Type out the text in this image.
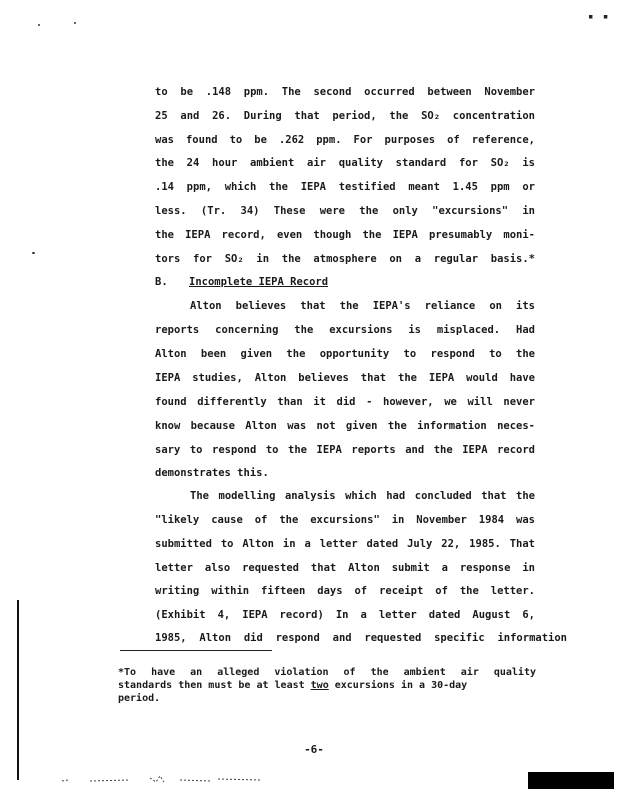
▪ ▪
to be .148 ppm. The second occurred between November
25 and 26. During that period, the SO₂ concentration
was found to be .262 ppm. For purposes of reference,
the 24 hour ambient air quality standard for SO₂ is
.14 ppm, which the IEPA testified meant 1.45 ppm or
less. (Tr. 34) These were the only "excursions" in
the IEPA record, even though the IEPA presumably moni-
tors for SO₂ in the atmosphere on a regular basis.*
B. Incomplete IEPA Record
Alton believes that the IEPA's reliance on its
reports concerning the excursions is misplaced. Had
Alton been given the opportunity to respond to the
IEPA studies, Alton believes that the IEPA would have
found differently than it did - however, we will never
know because Alton was not given the information neces-
sary to respond to the IEPA reports and the IEPA record
demonstrates this.
The modelling analysis which had concluded that the
"likely cause of the excursions" in November 1984 was
submitted to Alton in a letter dated July 22, 1985. That
letter also requested that Alton submit a response in
writing within fifteen days of receipt of the letter.
(Exhibit 4, IEPA record) In a letter dated August 6,
1985, Alton did respond and requested specific information
*To have an alleged violation of the ambient air quality
standards then must be at least two excursions in a 30-day
period.
-6-
